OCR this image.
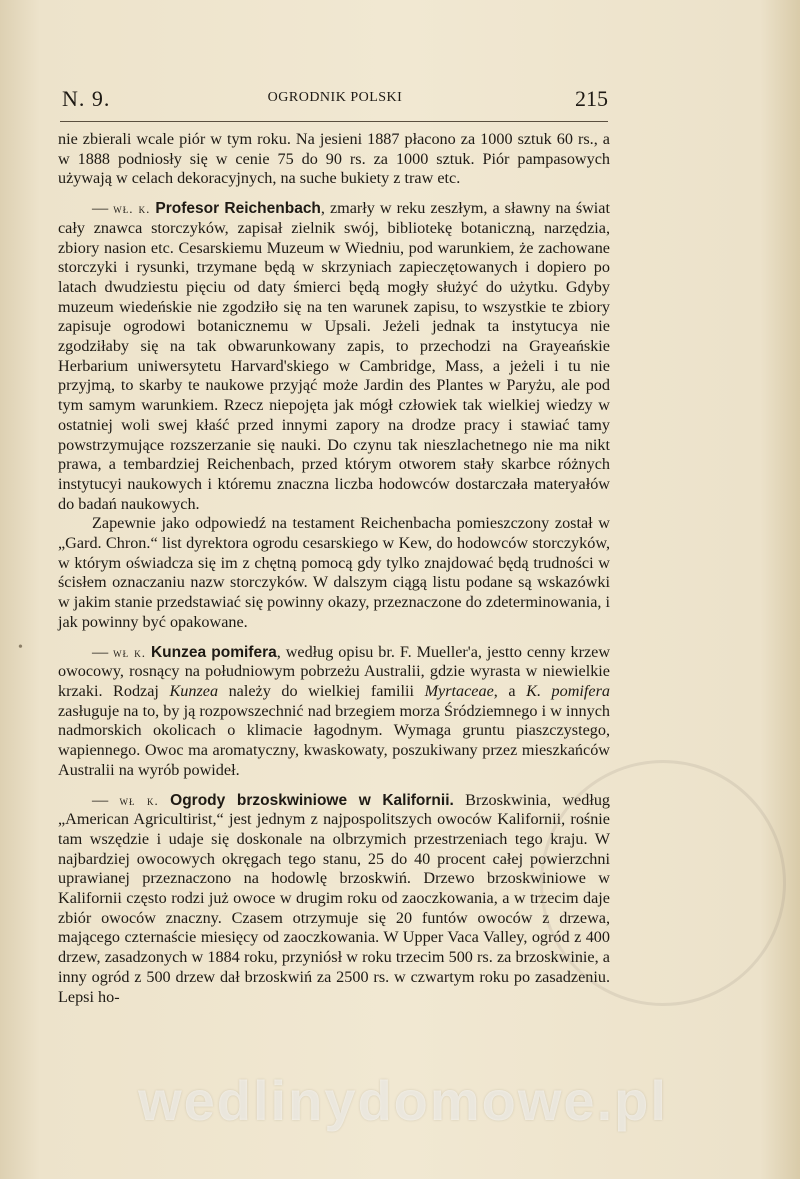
N. 9.	OGRODNIK POLSKI	215

nie zbierali wcale piór w tym roku. Na jesieni 1887 płacono za 1000 sztuk 60 rs., a w 1888 podniosły się w cenie 75 do 90 rs. za 1000 sztuk. Piór pampasowych używają w celach dekoracyjnych, na suche bukiety z traw etc.

— wł. k. Profesor Reichenbach, zmarły w reku zeszłym, a sławny na świat cały znawca storczyków, zapisał zielnik swój, bibliotekę botaniczną, narzędzia, zbiory nasion etc. Cesarskiemu Muzeum w Wiedniu, pod warunkiem, że zachowane storczyki i rysunki, trzymane będą w skrzyniach zapieczętowanych i dopiero po latach dwudziestu pięciu od daty śmierci będą mogły służyć do użytku. Gdyby muzeum wiedeńskie nie zgodziło się na ten warunek zapisu, to wszystkie te zbiory zapisuje ogrodowi botanicznemu w Upsali. Jeżeli jednak ta instytucya nie zgodziłaby się na tak obwarunkowany zapis, to przechodzi na Grayeańskie Herbarium uniwersytetu Harvard'skiego w Cambridge, Mass, a jeżeli i tu nie przyjmą, to skarby te naukowe przyjąć może Jardin des Plantes w Paryżu, ale pod tym samym warunkiem. Rzecz niepojęta jak mógł człowiek tak wielkiej wiedzy w ostatniej woli swej kłaść przed innymi zapory na drodze pracy i stawiać tamy powstrzymujące rozszerzanie się nauki. Do czynu tak nieszlachetnego nie ma nikt prawa, a tembardziej Reichenbach, przed którym otworem stały skarbce różnych instytucyi naukowych i któremu znaczna liczba hodowców dostarczała materyałów do badań naukowych.

Zapewnie jako odpowiedź na testament Reichenbacha pomieszczony został w „Gard. Chron.“ list dyrektora ogrodu cesarskiego w Kew, do hodowców storczyków, w którym oświadcza się im z chętną pomocą gdy tylko znajdować będą trudności w ścisłem oznaczaniu nazw storczyków. W dalszym ciągą listu podane są wskazówki w jakim stanie przedstawiać się powinny okazy, przeznaczone do zdeterminowania, i jak powinny być opakowane.

— wł k. Kunzea pomifera, według opisu br. F. Mueller'a, jestto cenny krzew owocowy, rosnący na południowym pobrzeżu Australii, gdzie wyrasta w niewielkie krzaki. Rodzaj Kunzea należy do wielkiej familii Myrtaceae, a K. pomifera zasługuje na to, by ją rozpowszechnić nad brzegiem morza Śródziemnego i w innych nadmorskich okolicach o klimacie łagodnym. Wymaga gruntu piaszczystego, wapiennego. Owoc ma aromatyczny, kwaskowaty, poszukiwany przez mieszkańców Australii na wyrób powideł.

— wł k. Ogrody brzoskwiniowe w Kalifornii. Brzoskwinia, według „American Agricultirist,“ jest jednym z najpospolitszych owoców Kalifornii, rośnie tam wszędzie i udaje się doskonale na olbrzymich przestrzeniach tego kraju. W najbardziej owocowych okręgach tego stanu, 25 do 40 procent całej powierzchni uprawianej przeznaczono na hodowlę brzoskwiń. Drzewo brzoskwiniowe w Kalifornii często rodzi już owoce w drugim roku od zaoczkowania, a w trzecim daje zbiór owoców znaczny. Czasem otrzymuje się 20 funtów owoców z drzewa, mającego czternaście miesięcy od zaoczkowania. W Upper Vaca Valley, ogród z 400 drzew, zasadzonych w 1884 roku, przyniósł w roku trzecim 500 rs. za brzoskwinie, a inny ogród z 500 drzew dał brzoskwiń za 2500 rs. w czwartym roku po zasadzeniu. Lepsi ho-

•
wedlinydomowe.pl
